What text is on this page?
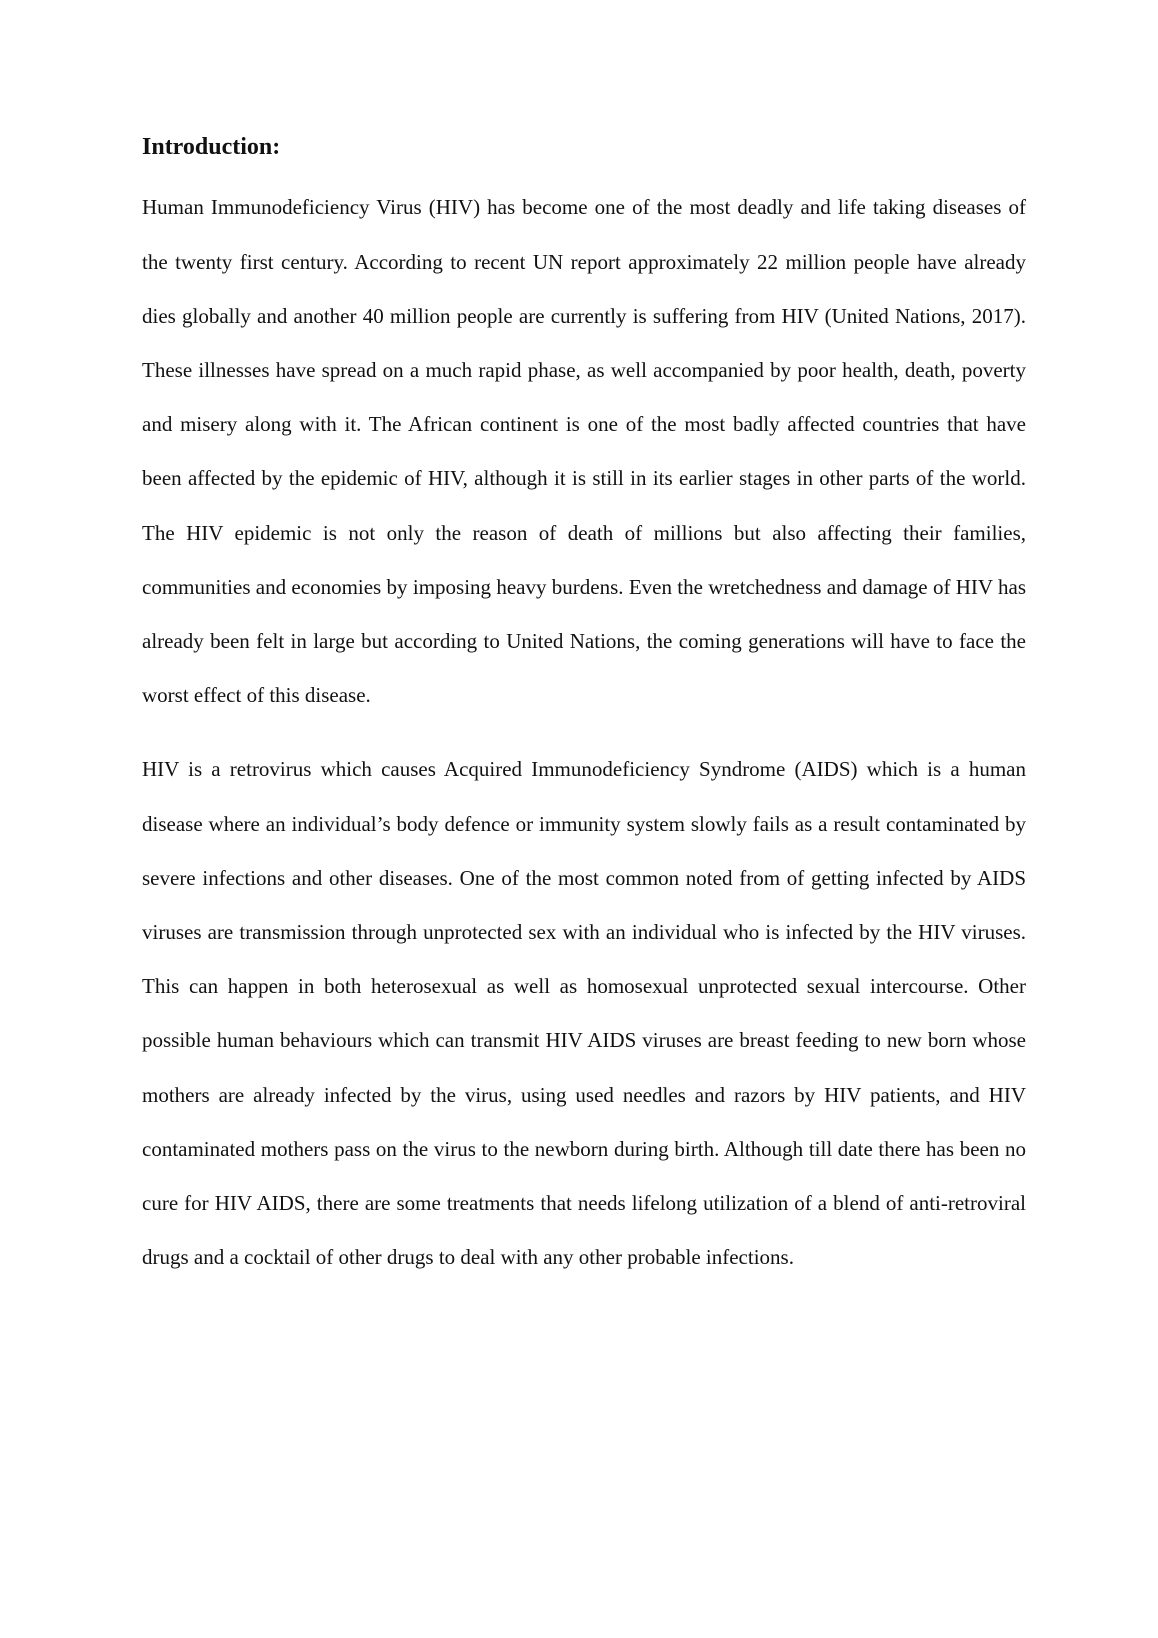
Introduction:

Human Immunodeficiency Virus (HIV) has become one of the most deadly and life taking diseases of the twenty first century. According to recent UN report approximately 22 million people have already dies globally and another 40 million people are currently is suffering from HIV (United Nations, 2017). These illnesses have spread on a much rapid phase, as well accompanied by poor health, death, poverty and misery along with it. The African continent is one of the most badly affected countries that have been affected by the epidemic of HIV, although it is still in its earlier stages in other parts of the world. The HIV epidemic is not only the reason of death of millions but also affecting their families, communities and economies by imposing heavy burdens. Even the wretchedness and damage of HIV has already been felt in large but according to United Nations, the coming generations will have to face the worst effect of this disease.

HIV is a retrovirus which causes Acquired Immunodeficiency Syndrome (AIDS) which is a human disease where an individual’s body defence or immunity system slowly fails as a result contaminated by severe infections and other diseases. One of the most common noted from of getting infected by AIDS viruses are transmission through unprotected sex with an individual who is infected by the HIV viruses. This can happen in both heterosexual as well as homosexual unprotected sexual intercourse. Other possible human behaviours which can transmit HIV AIDS viruses are breast feeding to new born whose mothers are already infected by the virus, using used needles and razors by HIV patients, and HIV contaminated mothers pass on the virus to the newborn during birth. Although till date there has been no cure for HIV AIDS, there are some treatments that needs lifelong utilization of a blend of anti-retroviral drugs and a cocktail of other drugs to deal with any other probable infections.
